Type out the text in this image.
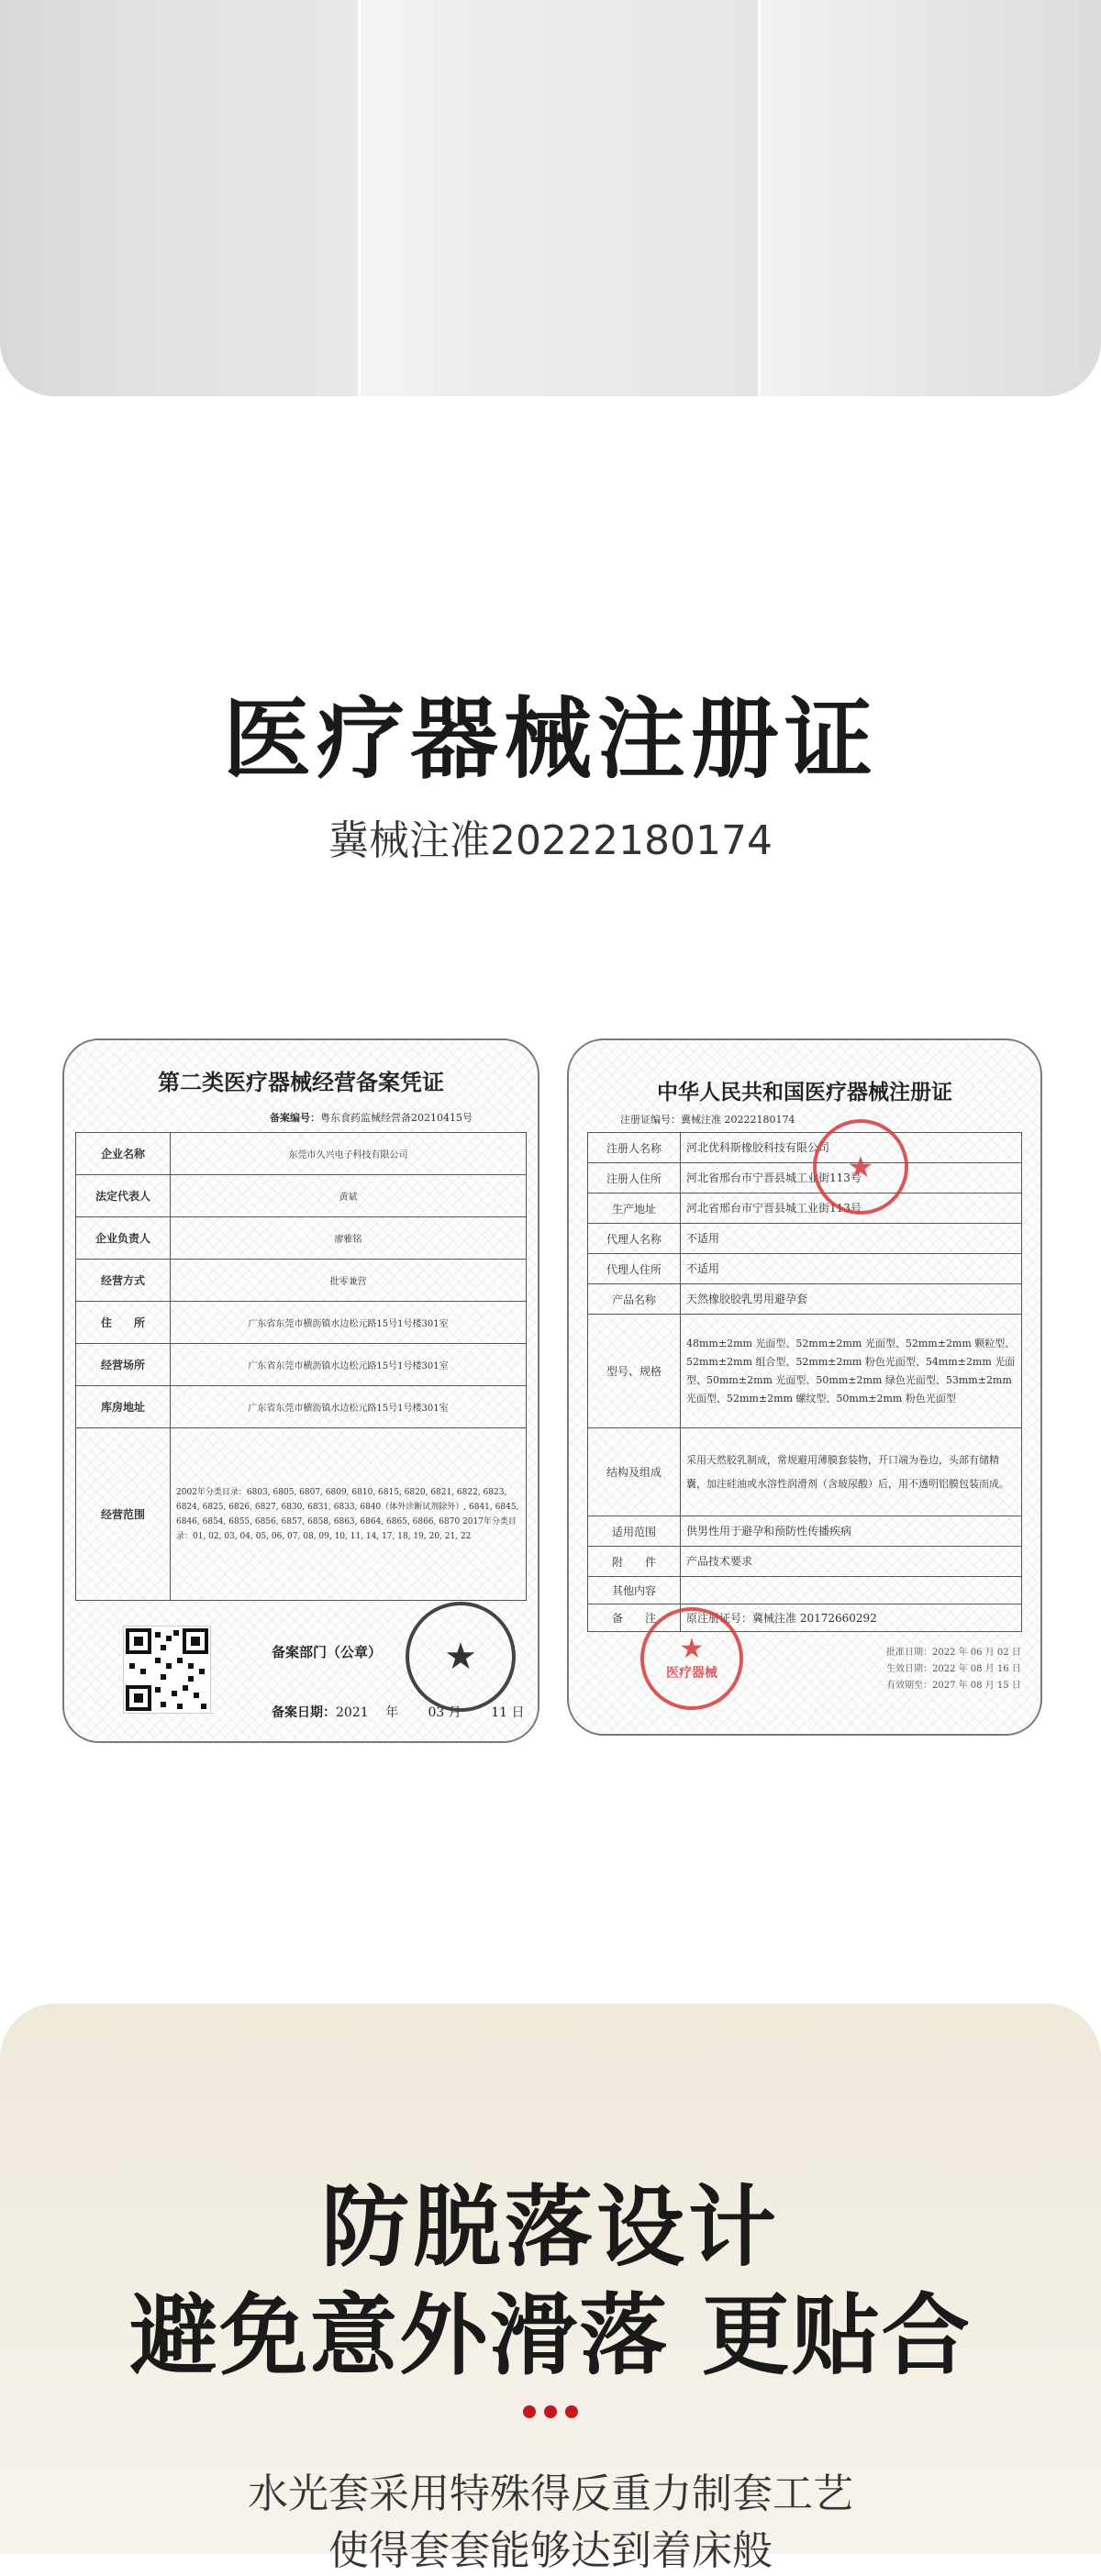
医疗器械注册证
冀械注准20222180174
第二类医疗器械经营备案凭证
备案编号：粤东食药监械经营备20210415号
企业名称	东莞市久兴电子科技有限公司
法定代表人	黄斌
企业负责人	廖雅铭
经营方式	批零兼营
住　　所	广东省东莞市横沥镇水边松元路15号1号楼301室
经营场所	广东省东莞市横沥镇水边松元路15号1号楼301室
库房地址	广东省东莞市横沥镇水边松元路15号1号楼301室
经营范围	2002年分类目录：6803, 6805, 6807, 6809, 6810, 6815, 6820, 6821, 6822, 6823, 6824, 6825, 6826, 6827, 6830, 6831, 6833, 6840（体外诊断试剂除外）, 6841, 6845, 6846, 6854, 6855, 6856, 6857, 6858, 6863, 6864, 6865, 6866, 6870 2017年分类目录：01, 02, 03, 04, 05, 06, 07, 08, 09, 10, 11, 14, 17, 18, 19, 20, 21, 22
备案部门（公章）
备案日期：2021　 年　　 03 月　　 11 日
★
中华人民共和国医疗器械注册证
注册证编号：冀械注准 20222180174
注册人名称	河北优科斯橡胶科技有限公司
注册人住所	河北省邢台市宁晋县城工业街113号
生产地址	河北省邢台市宁晋县城工业街113号
代理人名称	不适用
代理人住所	不适用
产品名称	天然橡胶胶乳男用避孕套
型号、规格	48mm±2mm 光面型、52mm±2mm 光面型、52mm±2mm 颗粒型、52mm±2mm 组合型、52mm±2mm 粉色光面型、54mm±2mm 光面型、50mm±2mm 光面型、50mm±2mm 绿色光面型、53mm±2mm 光面型、52mm±2mm 螺纹型、50mm±2mm 粉色光面型
结构及组成	采用天然胶乳制成，常规避用薄膜套装物，开口端为卷边，头部有储精囊，加注硅油或水溶性润滑剂（含玻尿酸）后，用不透明铝膜包装而成。
适用范围	供男性用于避孕和预防性传播疾病
附　　件	产品技术要求
其他内容	
备　　注	原注册证号：冀械注准 20172660292
批准日期：2022 年 06 月 02 日
生效日期：2022 年 08 月 16 日
有效期至：2027 年 08 月 15 日
★
★
医疗器械
防脱落设计
避免意外滑落 更贴合
水光套采用特殊得反重力制套工艺
使得套套能够达到着床般
